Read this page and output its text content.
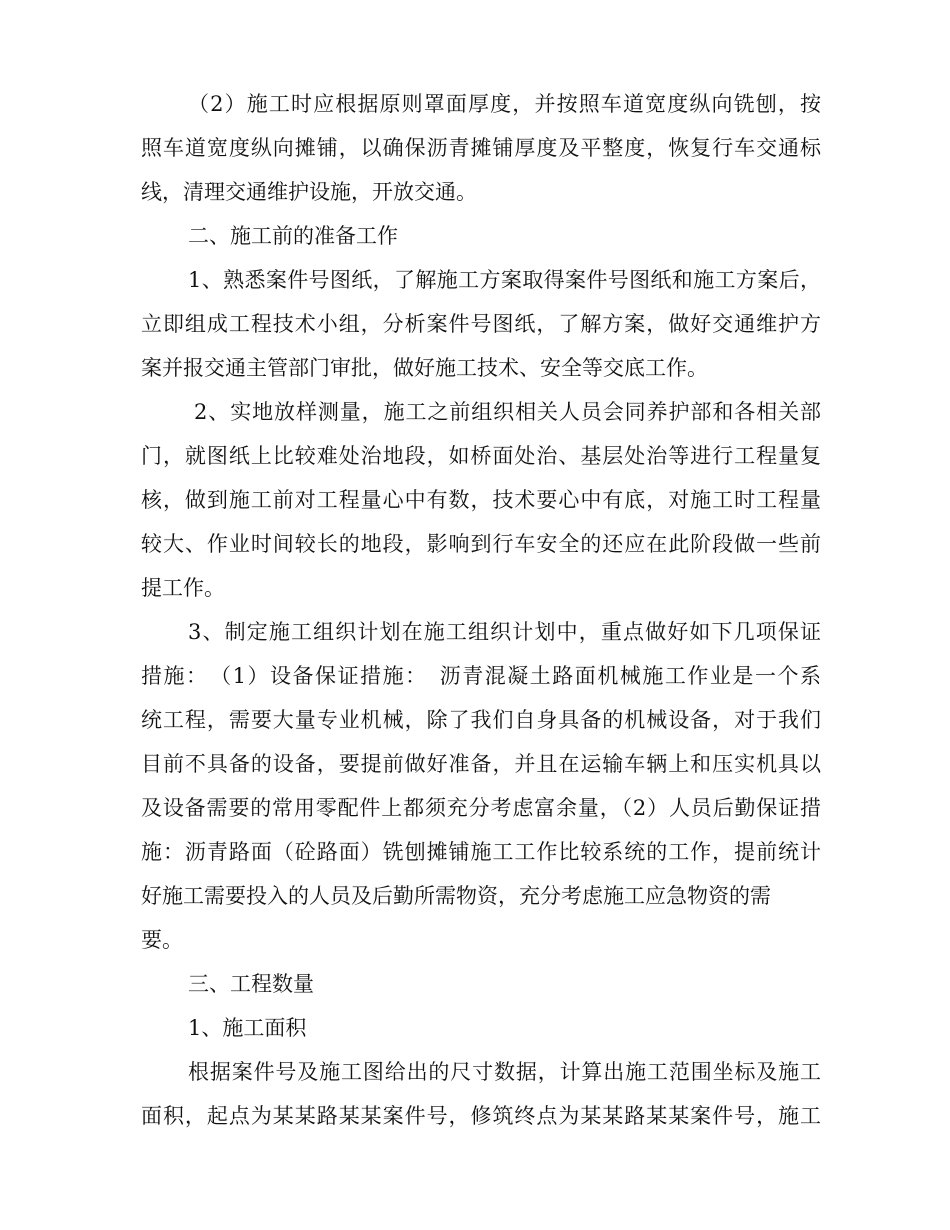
（2）施工时应根据原则罩面厚度，并按照车道宽度纵向铣刨，按
照车道宽度纵向摊铺，以确保沥青摊铺厚度及平整度，恢复行车交通标
线，清理交通维护设施，开放交通。
二、施工前的准备工作
1、熟悉案件号图纸，了解施工方案取得案件号图纸和施工方案后，
立即组成工程技术小组，分析案件号图纸，了解方案，做好交通维护方
案并报交通主管部门审批，做好施工技术、安全等交底工作。
2、实地放样测量，施工之前组织相关人员会同养护部和各相关部
门，就图纸上比较难处治地段，如桥面处治、基层处治等进行工程量复
核，做到施工前对工程量心中有数，技术要心中有底，对施工时工程量
较大、作业时间较长的地段，影响到行车安全的还应在此阶段做一些前
提工作。
3、制定施工组织计划在施工组织计划中，重点做好如下几项保证
措施：　（1）设备保证措施：　沥青混凝土路面机械施工作业是一个系
统工程，需要大量专业机械，除了我们自身具备的机械设备，对于我们
目前不具备的设备，要提前做好准备，并且在运输车辆上和压实机具以
及设备需要的常用零配件上都须充分考虑富余量，（2）人员后勤保证措
施：沥青路面（砼路面）铣刨摊铺施工工作比较系统的工作，提前统计
好施工需要投入的人员及后勤所需物资，充分考虑施工应急物资的需
要。
三、工程数量
1、施工面积
根据案件号及施工图给出的尺寸数据，计算出施工范围坐标及施工
面积，起点为某某路某某案件号，修筑终点为某某路某某案件号，施工
